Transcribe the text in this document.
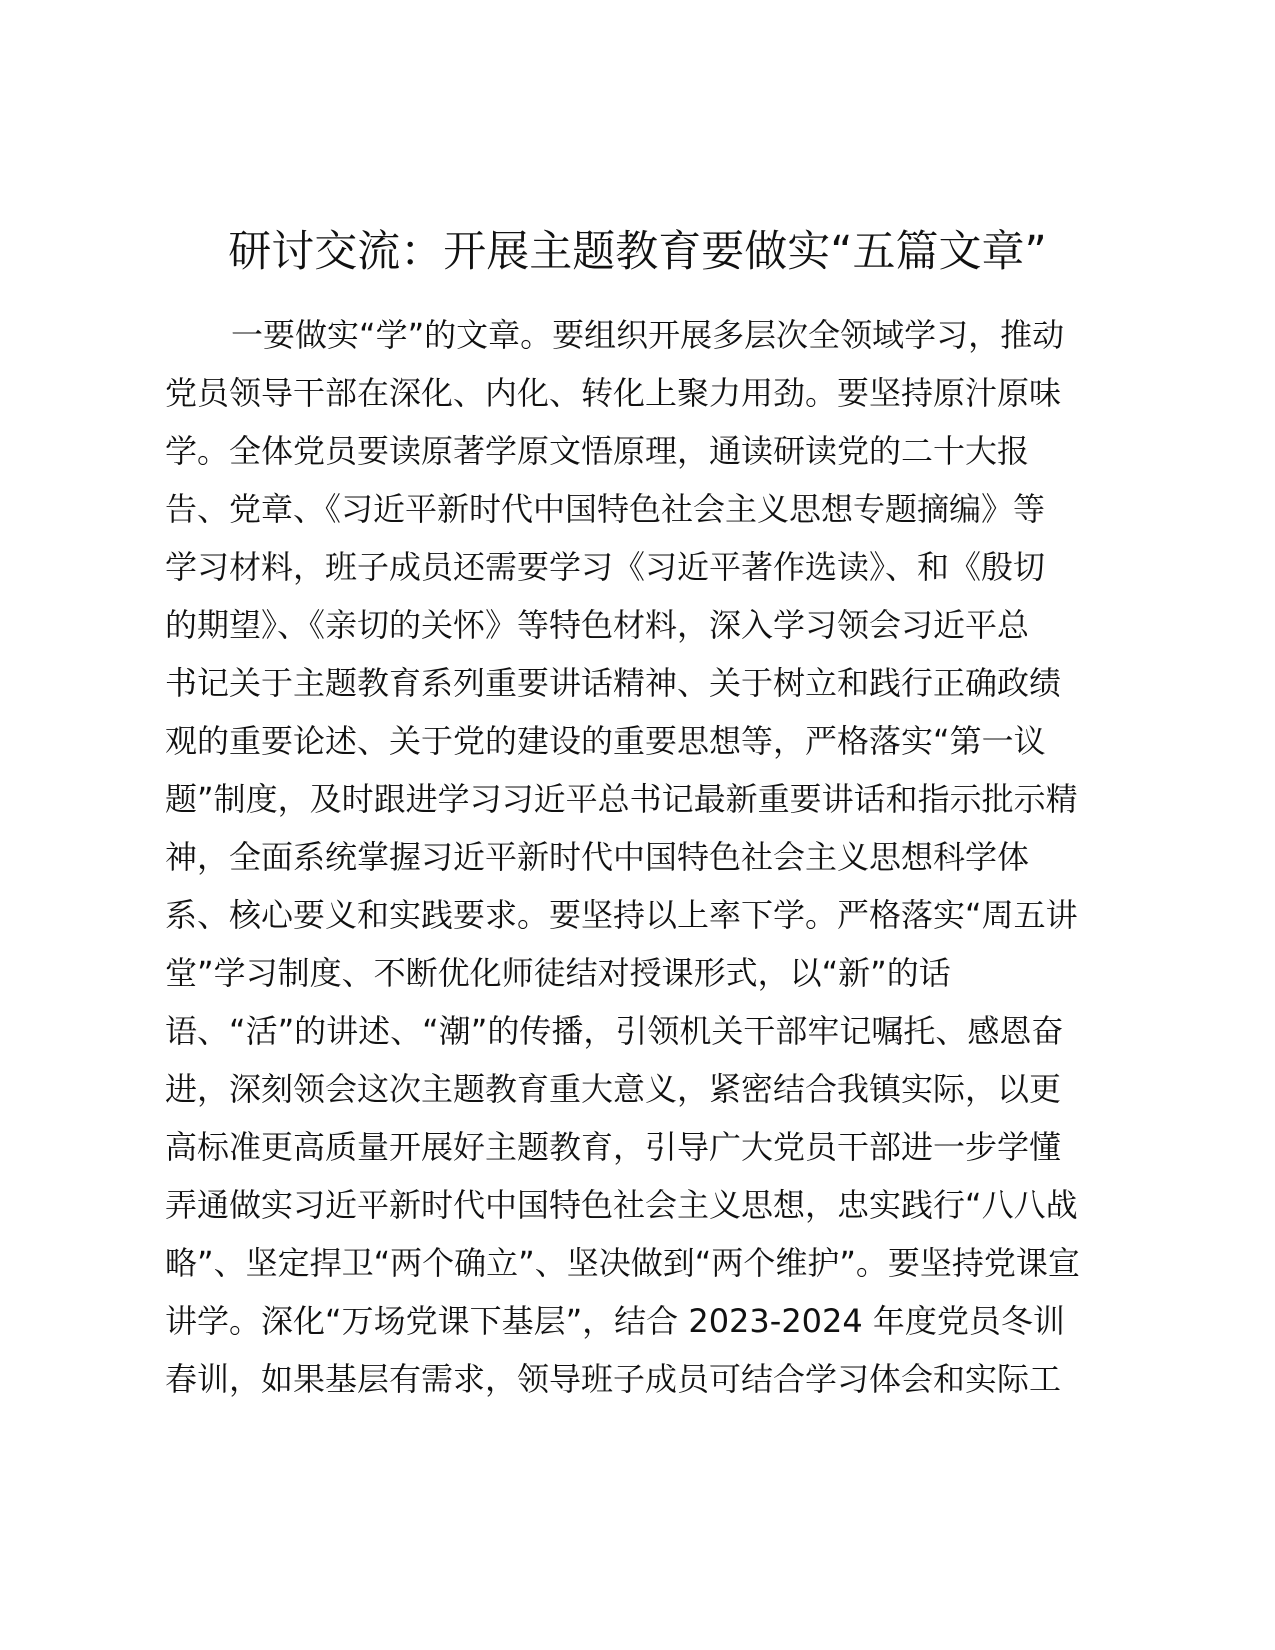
研讨交流：开展主题教育要做实“五篇文章”
一要做实“学”的文章。要组织开展多层次全领域学习，推动
党员领导干部在深化、内化、转化上聚力用劲。要坚持原汁原味
学。全体党员要读原著学原文悟原理，通读研读党的二十大报
告、党章、《习近平新时代中国特色社会主义思想专题摘编》等
学习材料，班子成员还需要学习《习近平著作选读》、和《殷切
的期望》、《亲切的关怀》等特色材料，深入学习领会习近平总
书记关于主题教育系列重要讲话精神、关于树立和践行正确政绩
观的重要论述、关于党的建设的重要思想等，严格落实“第一议
题”制度，及时跟进学习习近平总书记最新重要讲话和指示批示精
神，全面系统掌握习近平新时代中国特色社会主义思想科学体
系、核心要义和实践要求。要坚持以上率下学。严格落实“周五讲
堂”学习制度、不断优化师徒结对授课形式，以“新”的话
语、“活”的讲述、“潮”的传播，引领机关干部牢记嘱托、感恩奋
进，深刻领会这次主题教育重大意义，紧密结合我镇实际，以更
高标准更高质量开展好主题教育，引导广大党员干部进一步学懂
弄通做实习近平新时代中国特色社会主义思想，忠实践行“八八战
略”、坚定捍卫“两个确立”、坚决做到“两个维护”。要坚持党课宣
讲学。深化“万场党课下基层”，结合 2023-2024 年度党员冬训
春训，如果基层有需求，领导班子成员可结合学习体会和实际工
